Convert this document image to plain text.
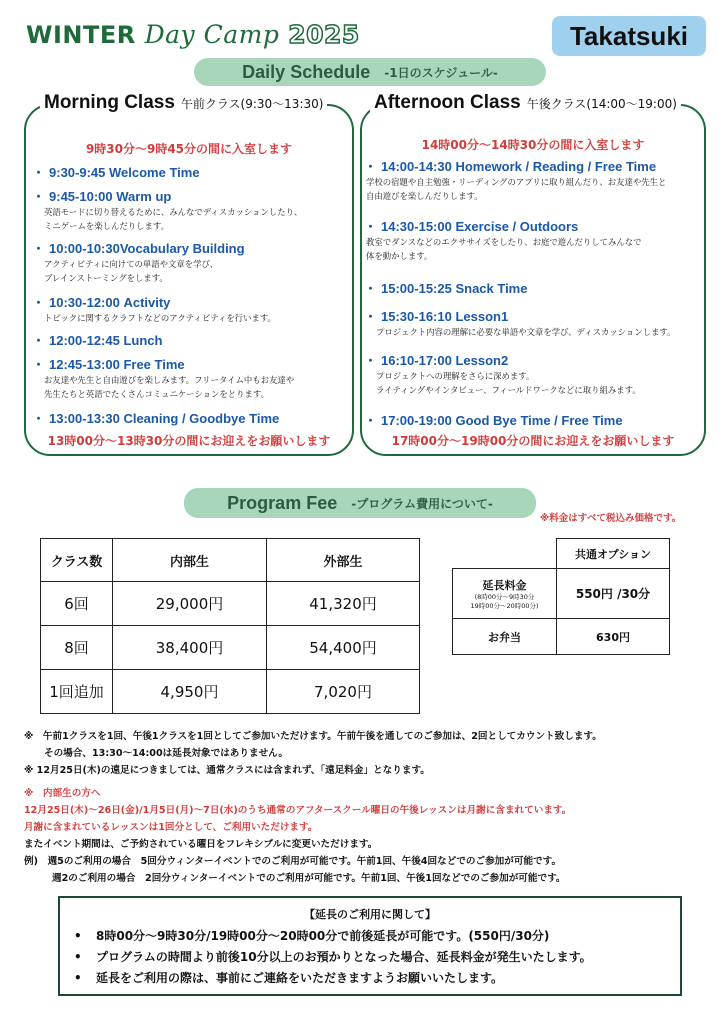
WINTER Day Camp 2025	Takatsuki
Daily Schedule -1日のスケジュール-
Morning Class 午前クラス(9:30〜13:30)
9時30分〜9時45分の間に入室します
・ 9:30-9:45 Welcome Time
・ 9:45-10:00 Warm up
英語モードに切り替えるために、みんなでディスカッションしたり、
ミニゲームを楽しんだりします。
・ 10:00-10:30Vocabulary Building
アクティビティに向けての単語や文章を学び、
ブレインストーミングをします。
・ 10:30-12:00 Activity
トピックに関するクラフトなどのアクティビティを行います。
・ 12:00-12:45 Lunch
・ 12:45-13:00 Free Time
お友達や先生と自由遊びを楽しみます。フリータイム中もお友達や
先生たちと英語でたくさんコミュニケーションをとります。
・ 13:00-13:30 Cleaning / Goodbye Time
13時00分〜13時30分の間にお迎えをお願いします
Afternoon Class 午後クラス(14:00〜19:00)
14時00分〜14時30分の間に入室します
・ 14:00-14:30 Homework / Reading / Free Time
学校の宿題や自主勉強・リーディングのアプリに取り組んだり、お友達や先生と
自由遊びを楽しんだりします。
・ 14:30-15:00 Exercise / Outdoors
教室でダンスなどのエクササイズをしたり、お庭で遊んだりしてみんなで
体を動かします。
・ 15:00-15:25 Snack Time
・ 15:30-16:10 Lesson1
プロジェクト内容の理解に必要な単語や文章を学び、ディスカッションします。
・ 16:10-17:00 Lesson2
プロジェクトへの理解をさらに深めます。
ライティングやインタビュー、フィールドワークなどに取り組みます。
・ 17:00-19:00 Good Bye Time / Free Time
17時00分〜19時00分の間にお迎えをお願いします
Program Fee -プログラム費用について-
※料金はすべて税込み価格です。
クラス数	内部生	外部生
6回	29,000円	41,320円
8回	38,400円	54,400円
1回追加	4,950円	7,020円
	共通オプション
延長料金
(8時00分〜9時30分
19時00分〜20時00分)	550円 /30分
お弁当	630円
※　午前1クラスを1回、午後1クラスを1回としてご参加いただけます。午前午後を通してのご参加は、2回としてカウント致します。
その場合、13:30〜14:00は延長対象ではありません。
※ 12月25日(木)の遠足につきましては、通常クラスには含まれず、「遠足料金」となります。
※　内部生の方へ
12月25日(木)〜26日(金)/1月5日(月)〜7日(水)のうち通常のアフタースクール曜日の午後レッスンは月謝に含まれています。
月謝に含まれているレッスンは1回分として、ご利用いただけます。
またイベント期間は、ご予約されている曜日をフレキシブルに変更いただけます。
例)　週5のご利用の場合　5回分ウィンターイベントでのご利用が可能です。午前1回、午後4回などでのご参加が可能です。
週2のご利用の場合　2回分ウィンターイベントでのご利用が可能です。午前1回、午後1回などでのご参加が可能です。
【延長のご利用に関して】
• 8時00分〜9時30分/19時00分〜20時00分で前後延長が可能です。(550円/30分)
• プログラムの時間より前後10分以上のお預かりとなった場合、延長料金が発生いたします。
• 延長をご利用の際は、事前にご連絡をいただきますようお願いいたします。
